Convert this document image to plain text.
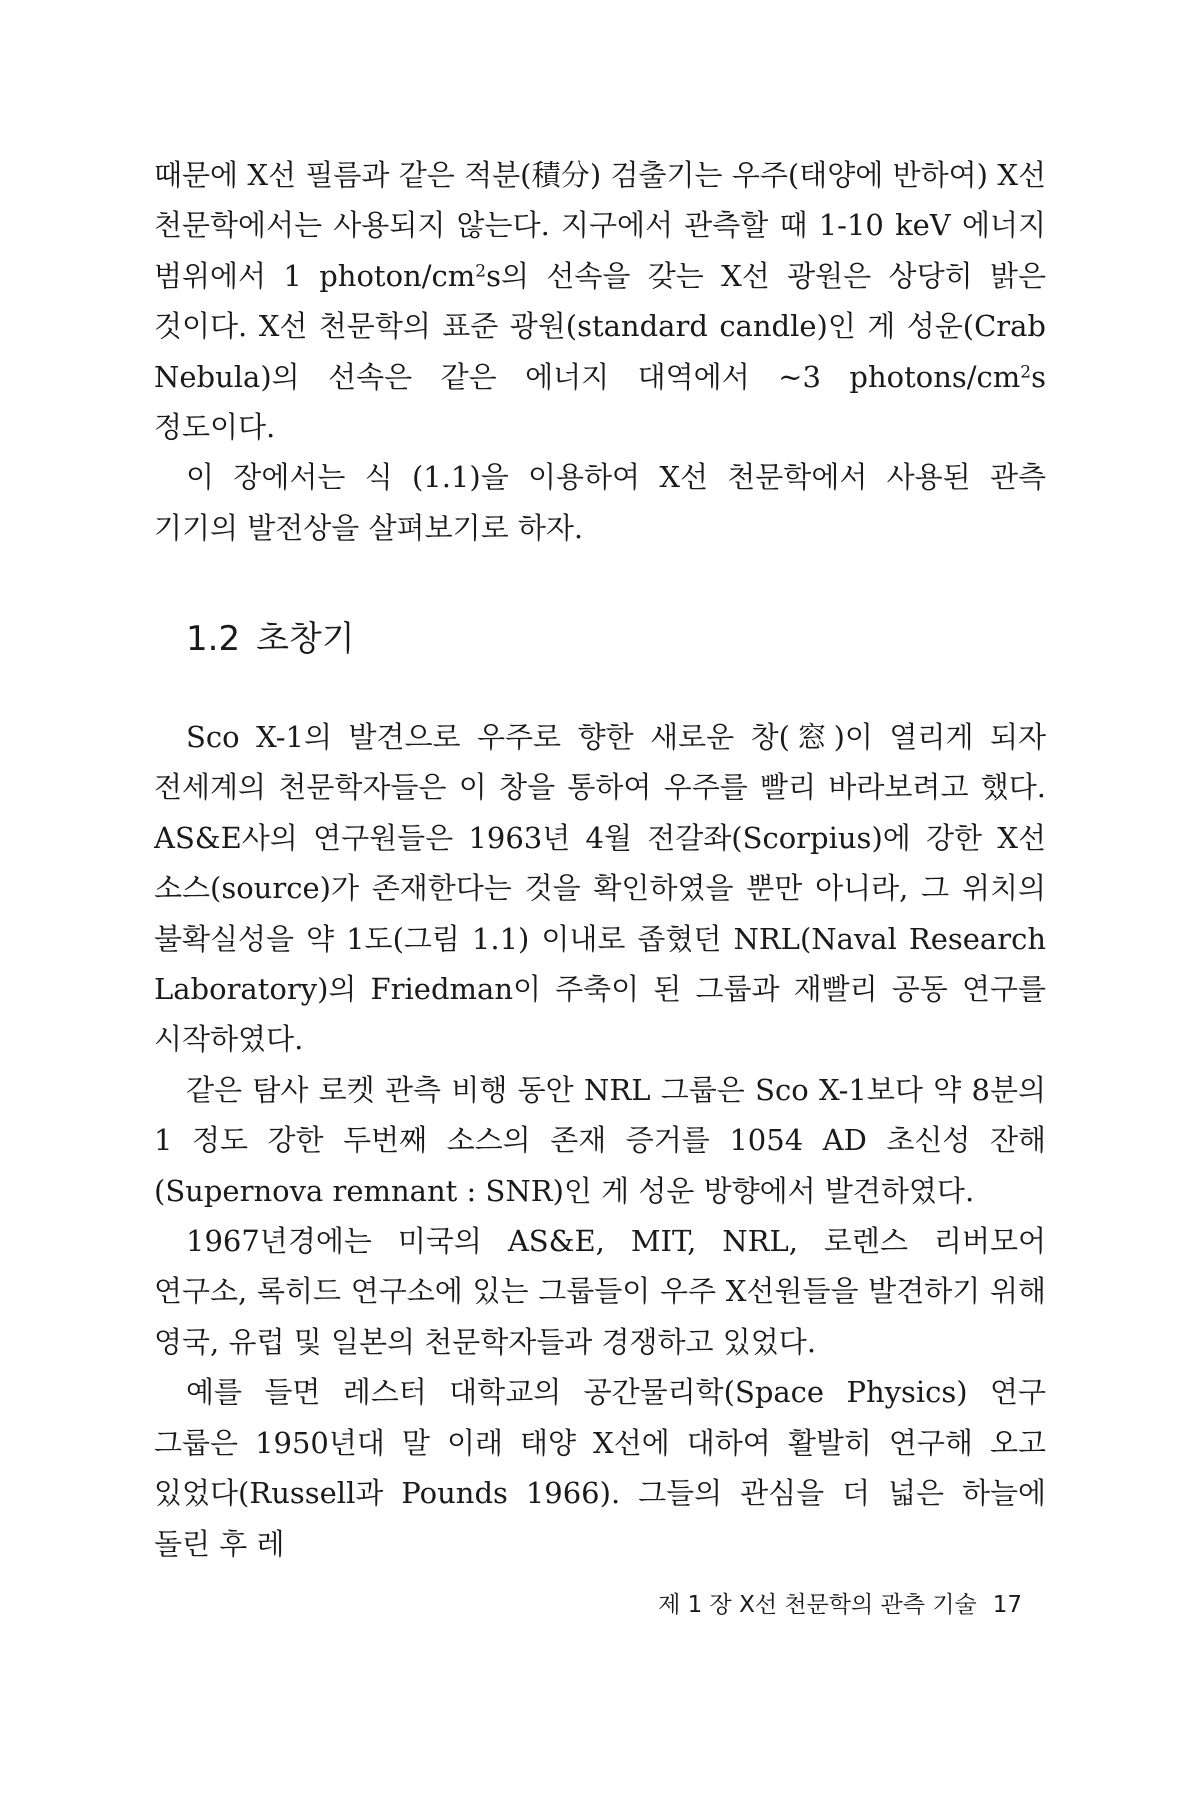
때문에 X선 필름과 같은 적분(積分) 검출기는 우주(태양에 반하여) X선 천문학에서는 사용되지 않는다. 지구에서 관측할 때 1-10 keV 에너지 범위에서 1 photon/$cm^2s$의 선속을 갖는 X선 광원은 상당히 밝은 것이다. X선 천문학의 표준 광원(standard candle)인 게 성운(Crab Nebula)의 선속은 같은 에너지 대역에서 ~3 photons/$cm^2s$ 정도이다.

이 장에서는 식 (1.1)을 이용하여 X선 천문학에서 사용된 관측 기기의 발전상을 살펴보기로 하자.

1.2 초창기

Sco X-1의 발견으로 우주로 향한 새로운 창(窓)이 열리게 되자 전세계의 천문학자들은 이 창을 통하여 우주를 빨리 바라보려고 했다. AS&E사의 연구원들은 1963년 4월 전갈좌(Scorpius)에 강한 X선 소스(source)가 존재한다는 것을 확인하였을 뿐만 아니라, 그 위치의 불확실성을 약 1도(그림 1.1) 이내로 좁혔던 NRL(Naval Research Laboratory)의 Friedman이 주축이 된 그룹과 재빨리 공동 연구를 시작하였다.

같은 탐사 로켓 관측 비행 동안 NRL 그룹은 Sco X-1보다 약 8분의 1 정도 강한 두번째 소스의 존재 증거를 1054 AD 초신성 잔해(Supernova remnant : SNR)인 게 성운 방향에서 발견하였다.

1967년경에는 미국의 AS&E, MIT, NRL, 로렌스 리버모어 연구소, 록히드 연구소에 있는 그룹들이 우주 X선원들을 발견하기 위해 영국, 유럽 및 일본의 천문학자들과 경쟁하고 있었다.

예를 들면 레스터 대학교의 공간물리학(Space Physics) 연구 그룹은 1950년대 말 이래 태양 X선에 대하여 활발히 연구해 오고 있었다(Russell과 Pounds 1966). 그들의 관심을 더 넓은 하늘에 돌린 후 레

제 1 장 X선 천문학의 관측 기술 17
